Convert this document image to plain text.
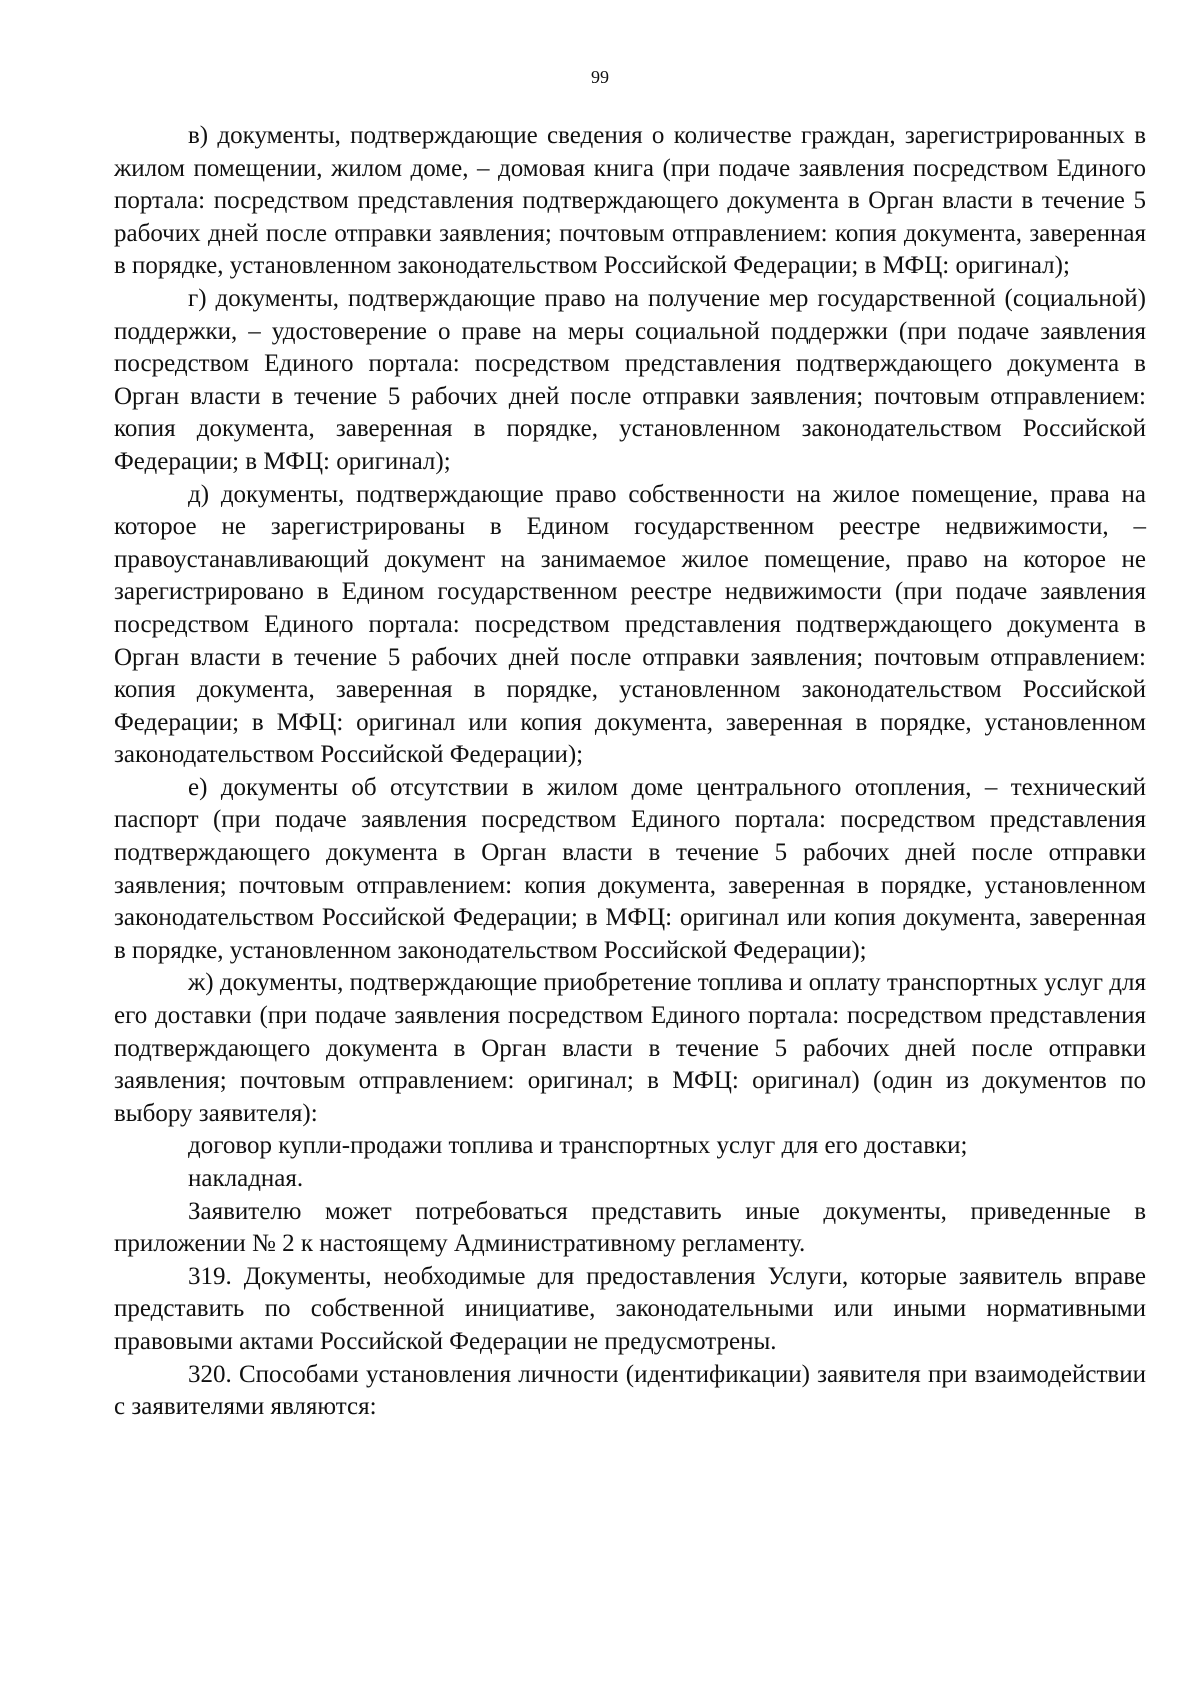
99

в) документы, подтверждающие сведения о количестве граждан, зарегистрированных в жилом помещении, жилом доме, – домовая книга (при подаче заявления посредством Единого портала: посредством представления подтверждающего документа в Орган власти в течение 5 рабочих дней после отправки заявления; почтовым отправлением: копия документа, заверенная в порядке, установленном законодательством Российской Федерации; в МФЦ: оригинал);

г) документы, подтверждающие право на получение мер государственной (социальной) поддержки, – удостоверение о праве на меры социальной поддержки (при подаче заявления посредством Единого портала: посредством представления подтверждающего документа в Орган власти в течение 5 рабочих дней после отправки заявления; почтовым отправлением: копия документа, заверенная в порядке, установленном законодательством Российской Федерации; в МФЦ: оригинал);

д) документы, подтверждающие право собственности на жилое помещение, права на которое не зарегистрированы в Едином государственном реестре недвижимости, – правоустанавливающий документ на занимаемое жилое помещение, право на которое не зарегистрировано в Едином государственном реестре недвижимости (при подаче заявления посредством Единого портала: посредством представления подтверждающего документа в Орган власти в течение 5 рабочих дней после отправки заявления; почтовым отправлением: копия документа, заверенная в порядке, установленном законодательством Российской Федерации; в МФЦ: оригинал или копия документа, заверенная в порядке, установленном законодательством Российской Федерации);

е) документы об отсутствии в жилом доме центрального отопления, – технический паспорт (при подаче заявления посредством Единого портала: посредством представления подтверждающего документа в Орган власти в течение 5 рабочих дней после отправки заявления; почтовым отправлением: копия документа, заверенная в порядке, установленном законодательством Российской Федерации; в МФЦ: оригинал или копия документа, заверенная в порядке, установленном законодательством Российской Федерации);

ж) документы, подтверждающие приобретение топлива и оплату транспортных услуг для его доставки (при подаче заявления посредством Единого портала: посредством представления подтверждающего документа в Орган власти в течение 5 рабочих дней после отправки заявления; почтовым отправлением: оригинал; в МФЦ: оригинал) (один из документов по выбору заявителя):

договор купли-продажи топлива и транспортных услуг для его доставки;

накладная.

Заявителю может потребоваться представить иные документы, приведенные в приложении № 2 к настоящему Административному регламенту.

319. Документы, необходимые для предоставления Услуги, которые заявитель вправе представить по собственной инициативе, законодательными или иными нормативными правовыми актами Российской Федерации не предусмотрены.

320. Способами установления личности (идентификации) заявителя при взаимодействии с заявителями являются:
